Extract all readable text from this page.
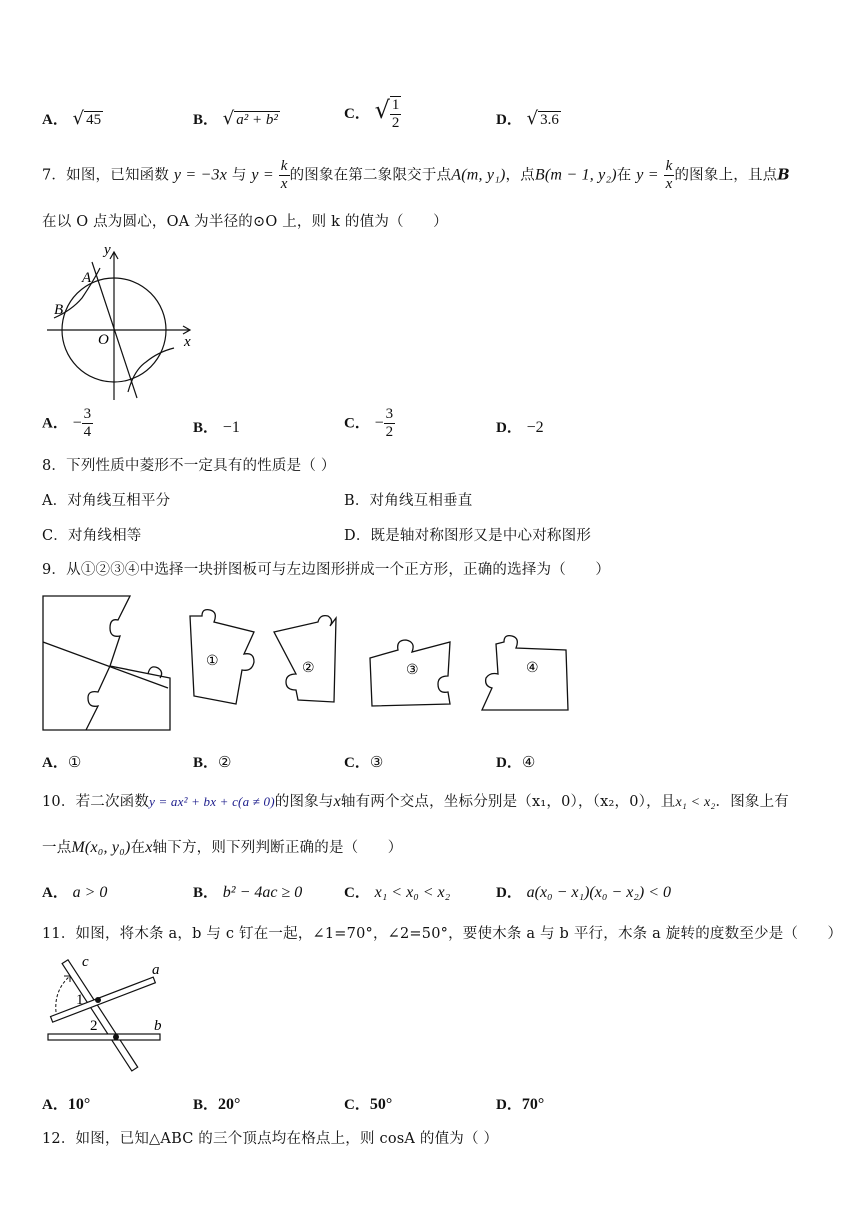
A． √ 45	B． √ a² + b²	C． √ $\frac{1}{2}$	D． √ 3.6
7．如图，已知函数 y = −3x 与 $y = \frac{k}{x}$ 的图象在第二象限交于点A(m, y₁)，点B(m − 1, y₂)在 $y = \frac{k}{x}$ 的图象上，且点B
在以 O 点为圆心，OA 为半径的⊙O 上，则 k 的值为（　　）
y
x
O
A
B
A． − $\frac{3}{4}$	B． −1	C． − $\frac{3}{2}$	D． −2
8．下列性质中菱形不一定具有的性质是（ ）
A．对角线互相平分	B．对角线互相垂直
C．对角线相等	D．既是轴对称图形又是中心对称图形
9．从①②③④中选择一块拼图板可与左边图形拼成一个正方形，正确的选择为（　　）
①	②	③	④
A．①	B．②	C．③	D．④
10．若二次函数y = ax² + bx + c(a ≠ 0)的图象与x轴有两个交点，坐标分别是（x₁，0），（x₂，0），且x₁ < x₂．图象上有
一点M(x₀, y₀)在x轴下方，则下列判断正确的是（　　）
A． a > 0	B． b² − 4ac ≥ 0	C． x₁ < x₀ < x₂	D． a(x₀ − x₁)(x₀ − x₂) < 0
11．如图，将木条 a，b 与 c 钉在一起，∠1=70°，∠2=50°，要使木条 a 与 b 平行，木条 a 旋转的度数至少是（　　）
c	a
b
1
2
A．10°	B．20°	C．50°	D．70°
12．如图，已知△ABC 的三个顶点均在格点上，则 cosA 的值为（ ）
